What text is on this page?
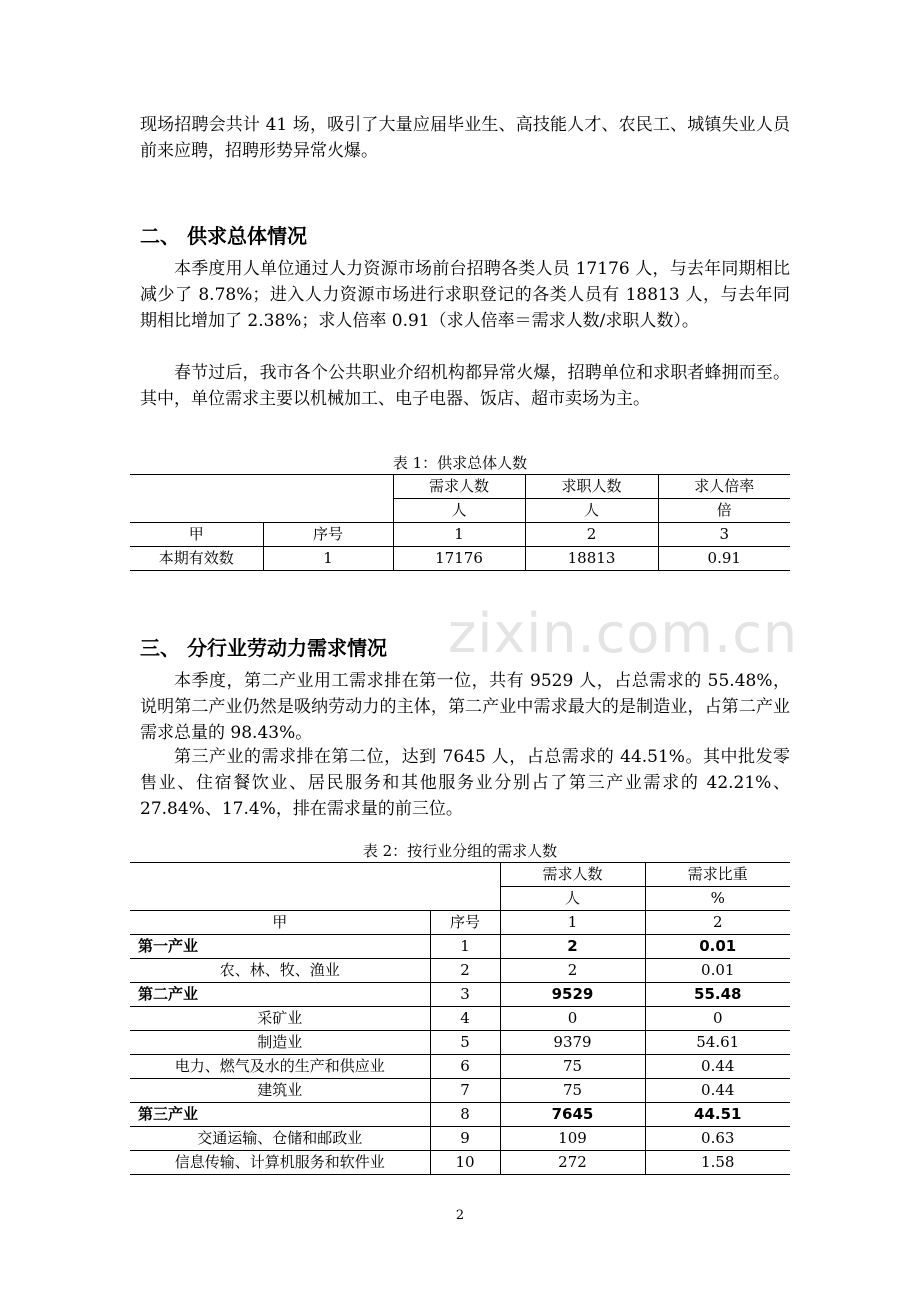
zixin.com.cn

现场招聘会共计 41 场，吸引了大量应届毕业生、高技能人才、农民工、城镇失业人员前来应聘，招聘形势异常火爆。

二、 供求总体情况

本季度用人单位通过人力资源市场前台招聘各类人员 17176 人，与去年同期相比减少了 8.78%；进入人力资源市场进行求职登记的各类人员有 18813 人，与去年同期相比增加了 2.38%；求人倍率 0.91（求人倍率＝需求人数/求职人数）。

春节过后，我市各个公共职业介绍机构都异常火爆，招聘单位和求职者蜂拥而至。其中，单位需求主要以机械加工、电子电器、饭店、超市卖场为主。

表 1：供求总体人数
		需求人数	求职人数	求人倍率
		人	人	倍
甲	序号	1	2	3
本期有效数	1	17176	18813	0.91
三、 分行业劳动力需求情况

本季度，第二产业用工需求排在第一位，共有 9529 人，占总需求的 55.48%，说明第二产业仍然是吸纳劳动力的主体，第二产业中需求最大的是制造业，占第二产业需求总量的 98.43%。

第三产业的需求排在第二位，达到 7645 人，占总需求的 44.51%。其中批发零售业、住宿餐饮业、居民服务和其他服务业分别占了第三产业需求的 42.21%、27.84%、17.4%，排在需求量的前三位。

表 2：按行业分组的需求人数
		需求人数	需求比重
		人	%
甲	序号	1	2
第一产业	1	2	0.01
农、林、牧、渔业	2	2	0.01
第二产业	3	9529	55.48
采矿业	4	0	0
制造业	5	9379	54.61
电力、燃气及水的生产和供应业	6	75	0.44
建筑业	7	75	0.44
第三产业	8	7645	44.51
交通运输、仓储和邮政业	9	109	0.63
信息传输、计算机服务和软件业	10	272	1.58
2
